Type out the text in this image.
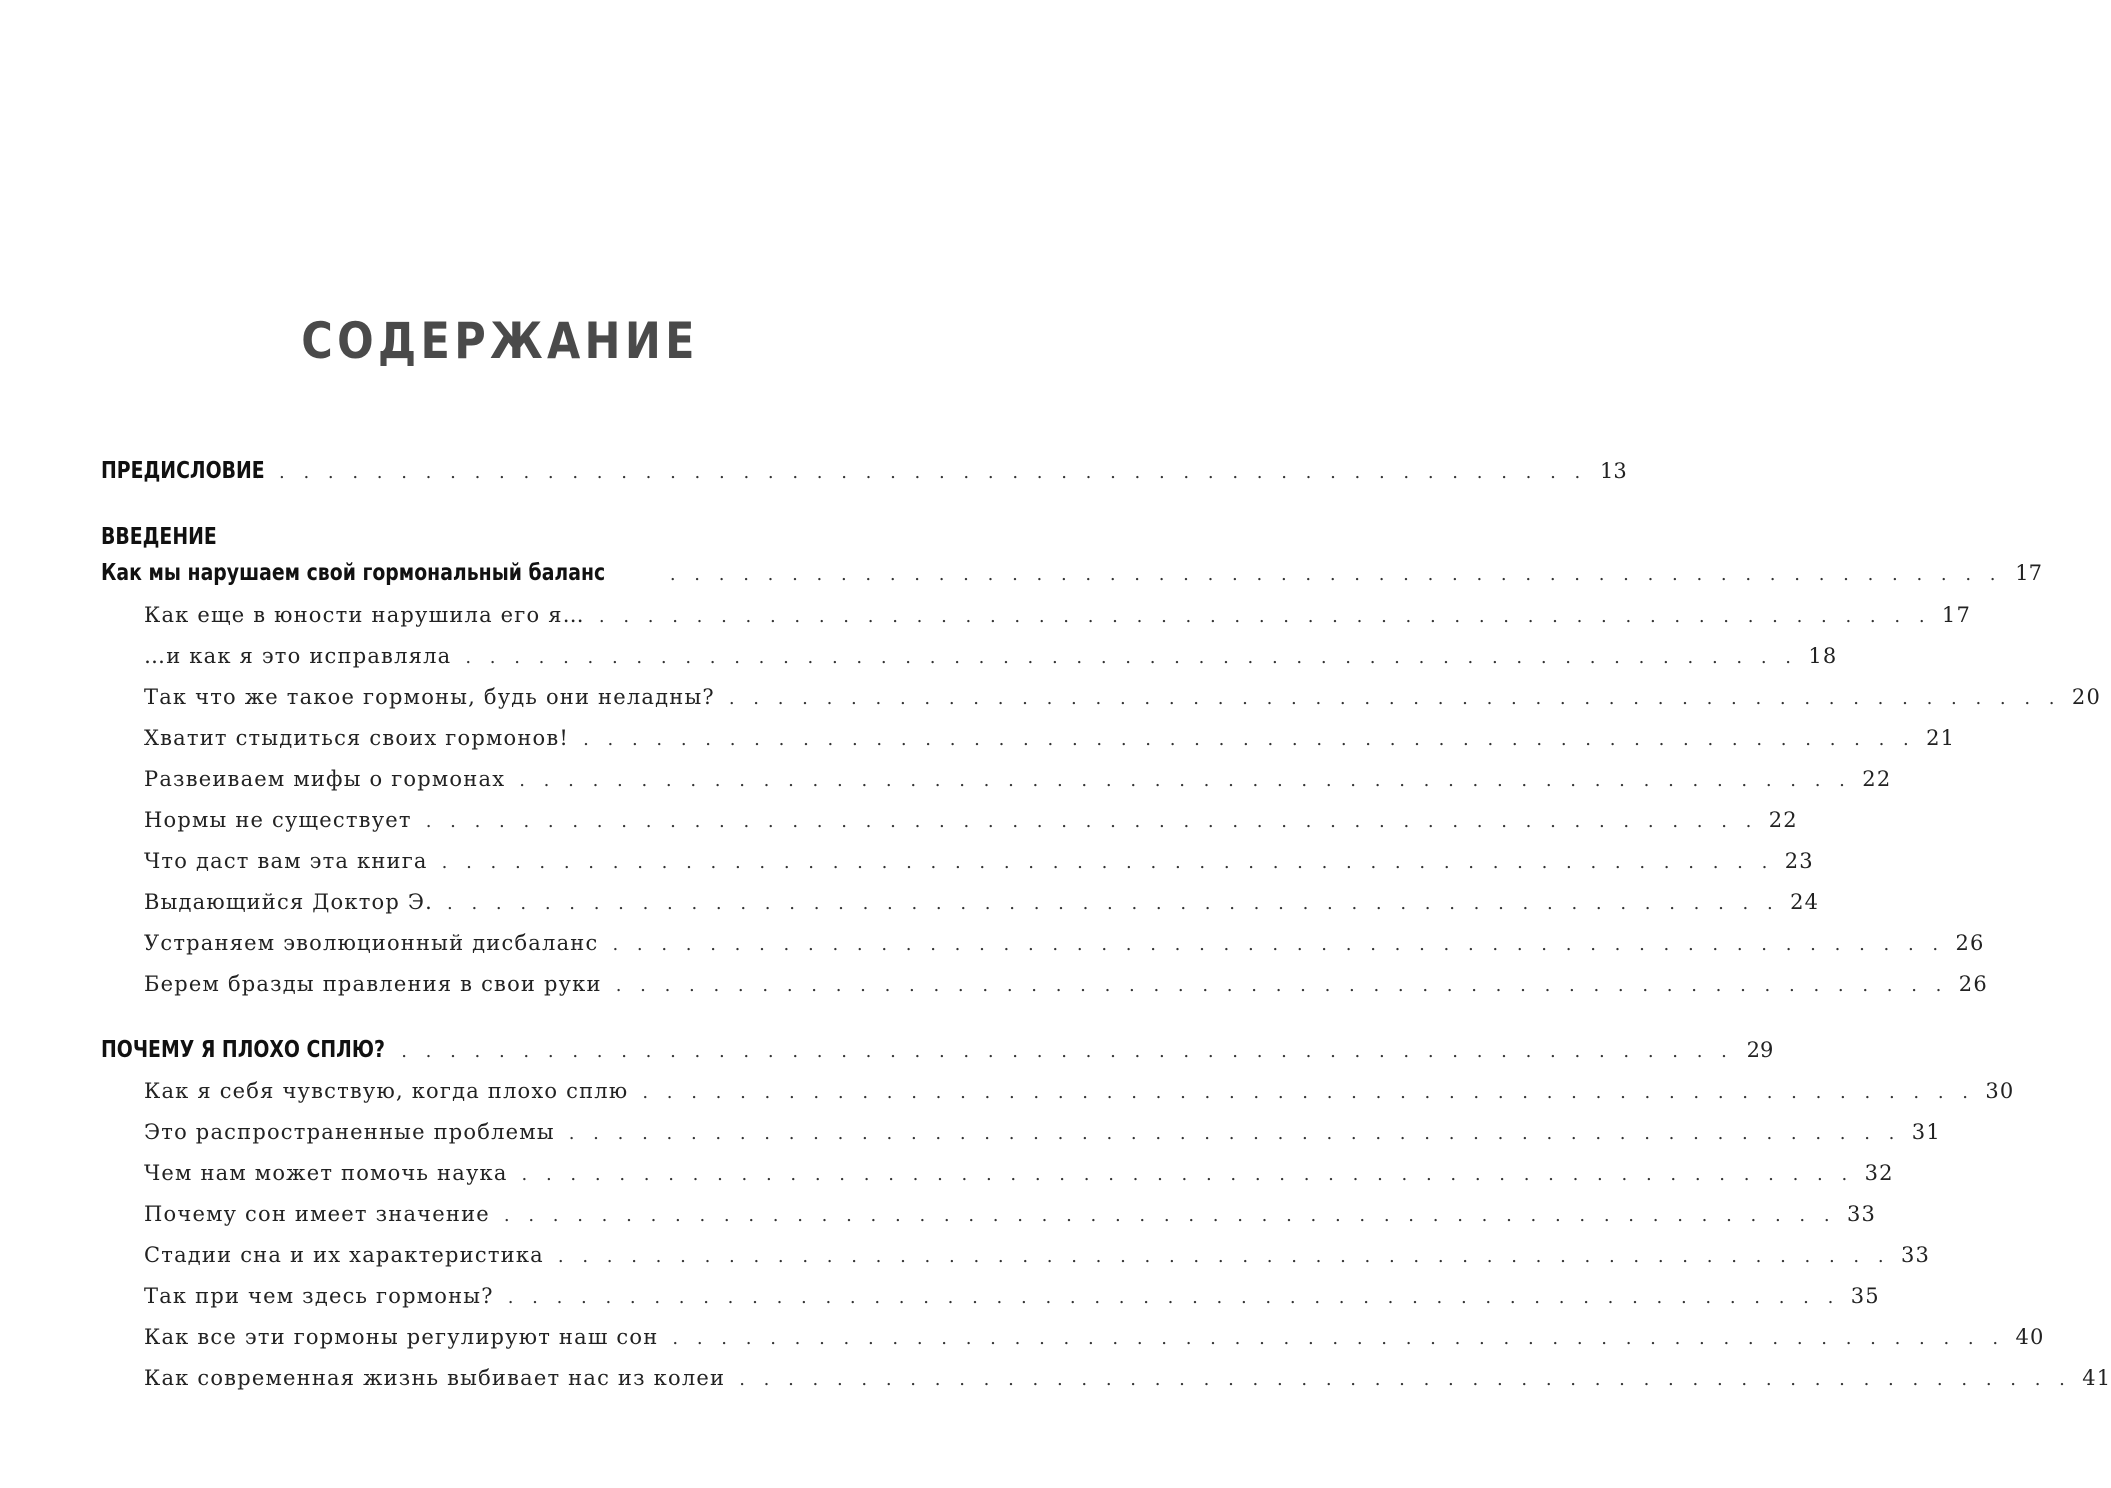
СОДЕРЖАНИЕ
ПРЕДИСЛОВИЕ
. . . . . . . . . . . . . . . . . . . . . . . . . . . . . . . . . . . . . . . . . . . . . . . . . . . . . . . 13
ВВЕДЕНИЕ
Как мы нарушаем свой гормональный баланс	. . . . . . . . . . . . . . . . . . . . . . . . . . . . . . . . . . . . . . . . . . . . . . . . . . . . . . . 17
Как еще в юности нарушила его я… . . . . . . . . . . . . . . . . . . . . . . . . . . . . . . . . . . . . . . . . . . . . . . . . . . . . . . . 17
…и как я это исправляла . . . . . . . . . . . . . . . . . . . . . . . . . . . . . . . . . . . . . . . . . . . . . . . . . . . . . . . 18
Так что же такое гормоны, будь они неладны? . . . . . . . . . . . . . . . . . . . . . . . . . . . . . . . . . . . . . . . . . . . . . . . . . . . . . . . 20
Хватит стыдиться своих гормонов! . . . . . . . . . . . . . . . . . . . . . . . . . . . . . . . . . . . . . . . . . . . . . . . . . . . . . . . 21
Развеиваем мифы о гормонах . . . . . . . . . . . . . . . . . . . . . . . . . . . . . . . . . . . . . . . . . . . . . . . . . . . . . . . 22
Нормы не существует . . . . . . . . . . . . . . . . . . . . . . . . . . . . . . . . . . . . . . . . . . . . . . . . . . . . . . . 22
Что даст вам эта книга . . . . . . . . . . . . . . . . . . . . . . . . . . . . . . . . . . . . . . . . . . . . . . . . . . . . . . . 23
Выдающийся Доктор Э. . . . . . . . . . . . . . . . . . . . . . . . . . . . . . . . . . . . . . . . . . . . . . . . . . . . . . . . 24
Устраняем эволюционный дисбаланс . . . . . . . . . . . . . . . . . . . . . . . . . . . . . . . . . . . . . . . . . . . . . . . . . . . . . . . 26
Берем бразды правления в свои руки . . . . . . . . . . . . . . . . . . . . . . . . . . . . . . . . . . . . . . . . . . . . . . . . . . . . . . . 26
ПОЧЕМУ Я ПЛОХО СПЛЮ? . . . . . . . . . . . . . . . . . . . . . . . . . . . . . . . . . . . . . . . . . . . . . . . . . . . . . . . 29
Как я себя чувствую, когда плохо сплю . . . . . . . . . . . . . . . . . . . . . . . . . . . . . . . . . . . . . . . . . . . . . . . . . . . . . . . 30
Это распространенные проблемы . . . . . . . . . . . . . . . . . . . . . . . . . . . . . . . . . . . . . . . . . . . . . . . . . . . . . . . 31
Чем нам может помочь наука . . . . . . . . . . . . . . . . . . . . . . . . . . . . . . . . . . . . . . . . . . . . . . . . . . . . . . . 32
Почему сон имеет значение . . . . . . . . . . . . . . . . . . . . . . . . . . . . . . . . . . . . . . . . . . . . . . . . . . . . . . . 33
Стадии сна и их характеристика . . . . . . . . . . . . . . . . . . . . . . . . . . . . . . . . . . . . . . . . . . . . . . . . . . . . . . . 33
Так при чем здесь гормоны? . . . . . . . . . . . . . . . . . . . . . . . . . . . . . . . . . . . . . . . . . . . . . . . . . . . . . . . 35
Как все эти гормоны регулируют наш сон . . . . . . . . . . . . . . . . . . . . . . . . . . . . . . . . . . . . . . . . . . . . . . . . . . . . . . . 40
Как современная жизнь выбивает нас из колеи . . . . . . . . . . . . . . . . . . . . . . . . . . . . . . . . . . . . . . . . . . . . . . . . . . . . . . . 41
